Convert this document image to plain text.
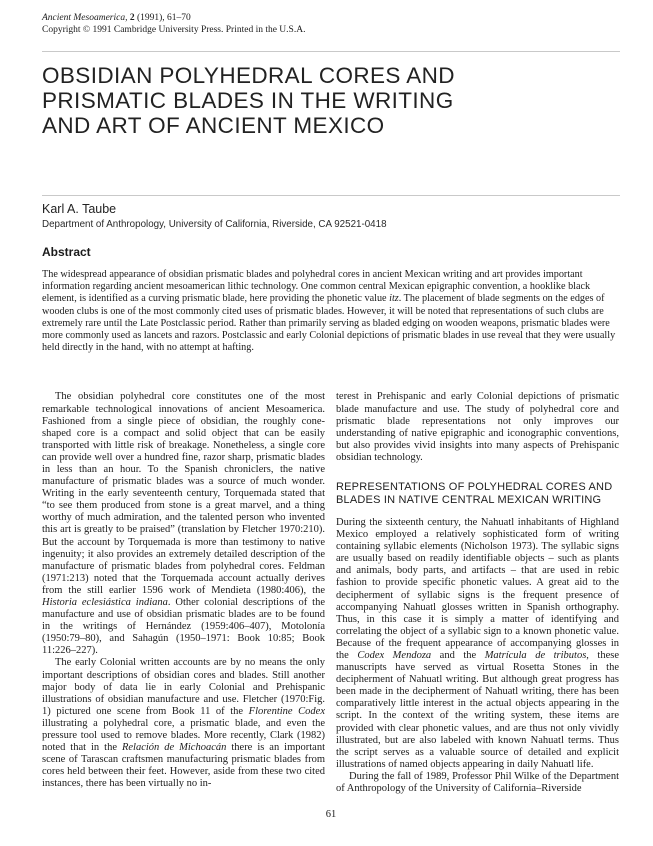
Ancient Mesoamerica, 2 (1991), 61–70
Copyright © 1991 Cambridge University Press. Printed in the U.S.A.
OBSIDIAN POLYHEDRAL CORES AND
PRISMATIC BLADES IN THE WRITING
AND ART OF ANCIENT MEXICO
Karl A. Taube
Department of Anthropology, University of California, Riverside, CA 92521-0418
Abstract
The widespread appearance of obsidian prismatic blades and polyhedral cores in ancient Mexican writing and art provides important information regarding ancient mesoamerican lithic technology. One common central Mexican epigraphic convention, a hooklike black element, is identified as a curving prismatic blade, here providing the phonetic value itz. The placement of blade segments on the edges of wooden clubs is one of the most commonly cited uses of prismatic blades. However, it will be noted that representations of such clubs are extremely rare until the Late Postclassic period. Rather than primarily serving as bladed edging on wooden weapons, prismatic blades were more commonly used as lancets and razors. Postclassic and early Colonial depictions of prismatic blades in use reveal that they were usually held directly in the hand, with no attempt at hafting.

The obsidian polyhedral core constitutes one of the most remarkable technological innovations of ancient Mesoamerica. Fashioned from a single piece of obsidian, the roughly cone-shaped core is a compact and solid object that can be easily transported with little risk of breakage. Nonetheless, a single core can provide well over a hundred fine, razor sharp, prismatic blades in less than an hour. To the Spanish chroniclers, the native manufacture of prismatic blades was a source of much wonder. Writing in the early seventeenth century, Torquemada stated that “to see them produced from stone is a great marvel, and a thing worthy of much admiration, and the talented person who invented this art is greatly to be praised” (translation by Fletcher 1970:210). But the account by Torquemada is more than testimony to native ingenuity; it also provides an extremely detailed description of the manufacture of prismatic blades from polyhedral cores. Feldman (1971:213) noted that the Torquemada account actually derives from the still earlier 1596 work of Mendieta (1980:406), the Historia eclesiástica indiana. Other colonial descriptions of the manufacture and use of obsidian prismatic blades are to be found in the writings of Hernández (1959:406–407), Motolonía (1950:79–80), and Sahagún (1950–1971: Book 10:85; Book 11:226–227).

The early Colonial written accounts are by no means the only important descriptions of obsidian cores and blades. Still another major body of data lie in early Colonial and Prehispanic illustrations of obsidian manufacture and use. Fletcher (1970:Fig. 1) pictured one scene from Book 11 of the Florentine Codex illustrating a polyhedral core, a prismatic blade, and even the pressure tool used to remove blades. More recently, Clark (1982) noted that in the Relación de Michoacán there is an important scene of Tarascan craftsmen manufacturing prismatic blades from cores held between their feet. However, aside from these two cited instances, there has been virtually no in-

terest in Prehispanic and early Colonial depictions of prismatic blade manufacture and use. The study of polyhedral core and prismatic blade representations not only improves our understanding of native epigraphic and iconographic conventions, but also provides vivid insights into many aspects of Prehispanic obsidian technology.

REPRESENTATIONS OF POLYHEDRAL CORES AND BLADES IN NATIVE CENTRAL MEXICAN WRITING

During the sixteenth century, the Nahuatl inhabitants of Highland Mexico employed a relatively sophisticated form of writing containing syllabic elements (Nicholson 1973). The syllabic signs are usually based on readily identifiable objects – such as plants and animals, body parts, and artifacts – that are used in rebic fashion to provide specific phonetic values. A great aid to the decipherment of syllabic signs is the frequent presence of accompanying Nahuatl glosses written in Spanish orthography. Thus, in this case it is simply a matter of identifying and correlating the object of a syllabic sign to a known phonetic value. Because of the frequent appearance of accompanying glosses in the Codex Mendoza and the Matrícula de tributos, these manuscripts have served as virtual Rosetta Stones in the decipherment of Nahuatl writing. But although great progress has been made in the decipherment of Nahuatl writing, there has been comparatively little interest in the actual objects appearing in the script. In the context of the writing system, these items are provided with clear phonetic values, and are thus not only vividly illustrated, but are also labeled with known Nahuatl terms. Thus the script serves as a valuable source of detailed and explicit illustrations of named objects appearing in daily Nahuatl life.

During the fall of 1989, Professor Phil Wilke of the Department of Anthropology of the University of California–Riverside

61
